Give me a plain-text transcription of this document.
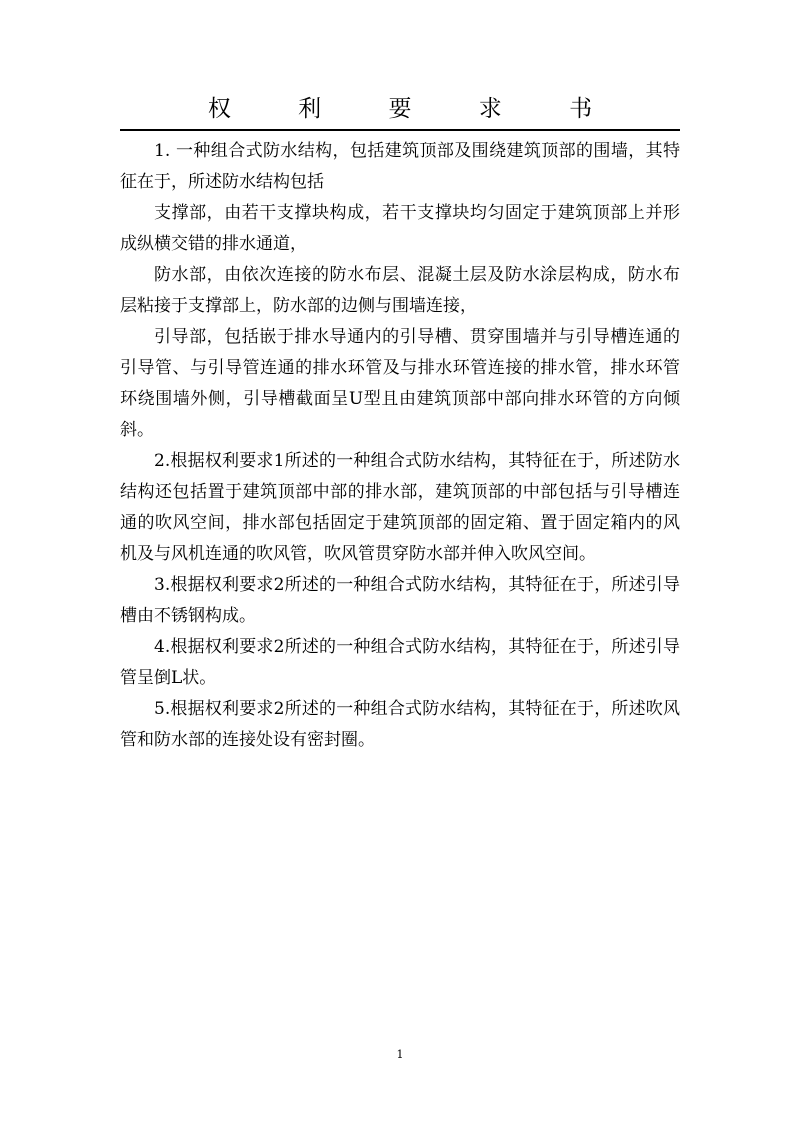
权 利 要 求 书

1. 一种组合式防水结构，包括建筑顶部及围绕建筑顶部的围墙，其特征在于，所述防水结构包括

支撑部，由若干支撑块构成，若干支撑块均匀固定于建筑顶部上并形成纵横交错的排水通道，

防水部，由依次连接的防水布层、混凝土层及防水涂层构成，防水布层粘接于支撑部上，防水部的边侧与围墙连接，

引导部，包括嵌于排水导通内的引导槽、贯穿围墙并与引导槽连通的引导管、与引导管连通的排水环管及与排水环管连接的排水管，排水环管环绕围墙外侧，引导槽截面呈U型且由建筑顶部中部向排水环管的方向倾斜。

2.根据权利要求1所述的一种组合式防水结构，其特征在于，所述防水结构还包括置于建筑顶部中部的排水部，建筑顶部的中部包括与引导槽连通的吹风空间，排水部包括固定于建筑顶部的固定箱、置于固定箱内的风机及与风机连通的吹风管，吹风管贯穿防水部并伸入吹风空间。

3.根据权利要求2所述的一种组合式防水结构，其特征在于，所述引导槽由不锈钢构成。

4.根据权利要求2所述的一种组合式防水结构，其特征在于，所述引导管呈倒L状。

5.根据权利要求2所述的一种组合式防水结构，其特征在于，所述吹风管和防水部的连接处设有密封圈。

1
